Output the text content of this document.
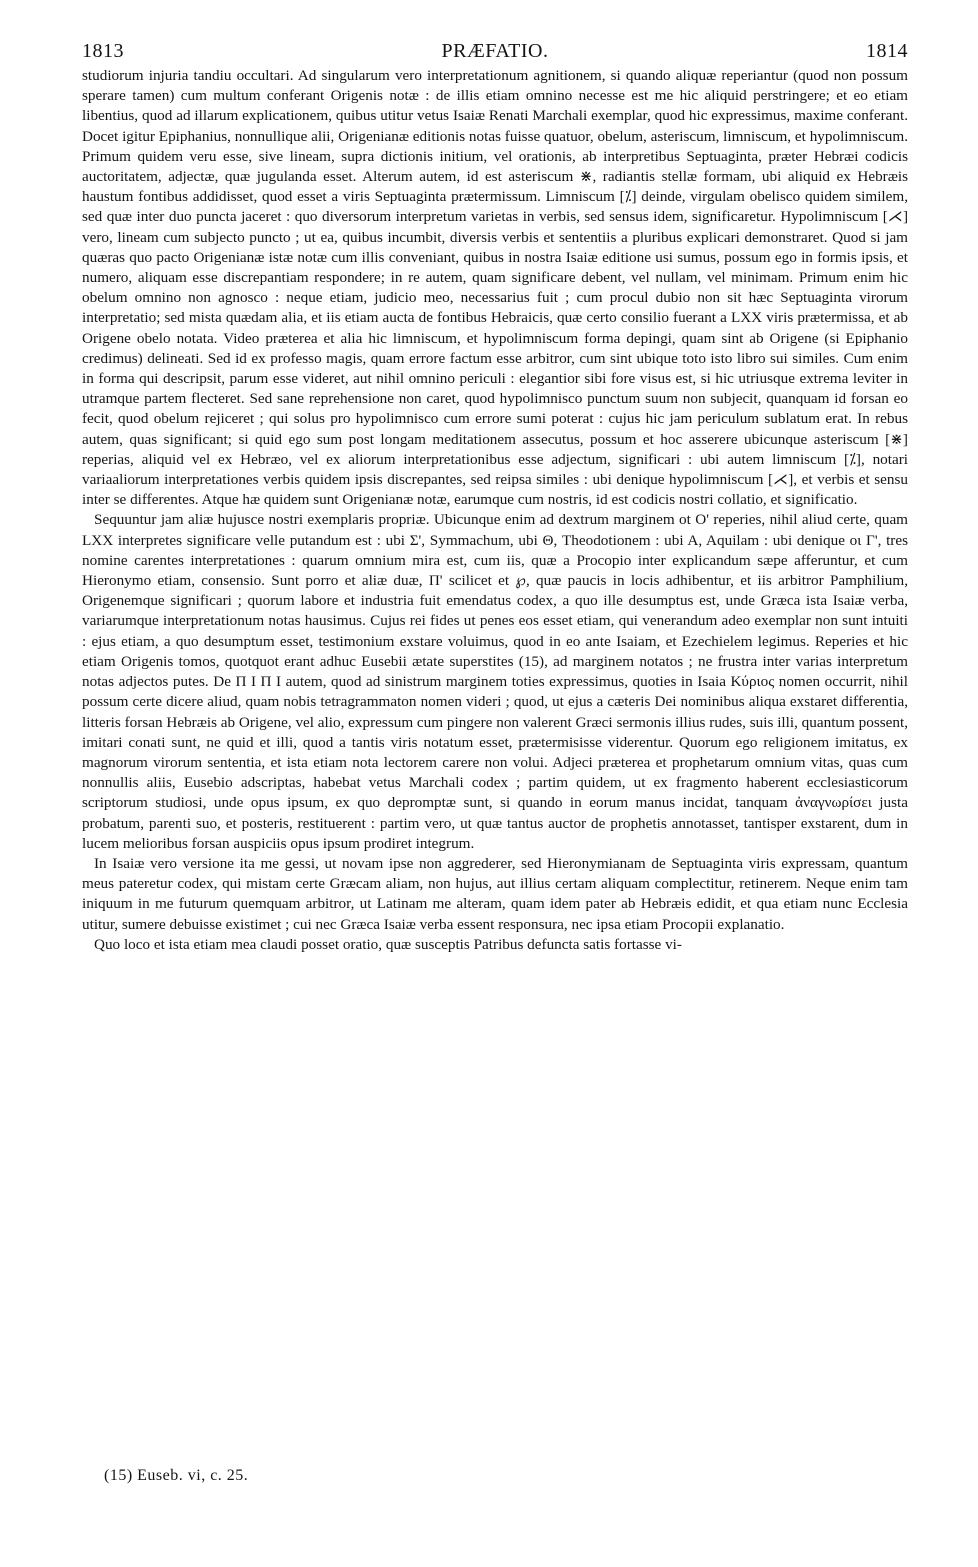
1813	PRÆFATIO.	1814

studiorum injuria tandiu occultari. Ad singularum vero interpretationum agnitionem, si quando aliquæ reperiantur (quod non possum sperare tamen) cum multum conferant Origenis notæ : de illis etiam omnino necesse est me hic aliquid perstringere; et eo etiam libentius, quod ad illarum explicationem, quibus utitur vetus Isaiæ Renati Marchali exemplar, quod hic expressimus, maxime conferant. Docet igitur Epiphanius, nonnullique alii, Origenianæ editionis notas fuisse quatuor, obelum, asteriscum, limniscum, et hypolimniscum. Primum quidem veru esse, sive lineam, supra dictionis initium, vel orationis, ab interpretibus Septuaginta, præter Hebræi codicis auctoritatem, adjectæ, quæ jugulanda esset. Alterum autem, id est asteriscum ⋇, radiantis stellæ formam, ubi aliquid ex Hebræis haustum fontibus addidisset, quod esset a viris Septuaginta prætermissum. Limniscum [⁒] deinde, virgulam obelisco quidem similem, sed quæ inter duo puncta jaceret : quo diversorum interpretum varietas in verbis, sed sensus idem, significaretur. Hypolimniscum [⋌] vero, lineam cum subjecto puncto ; ut ea, quibus incumbit, diversis verbis et sententiis a pluribus explicari demonstraret. Quod si jam quæras quo pacto Origenianæ istæ notæ cum illis conveniant, quibus in nostra Isaiæ editione usi sumus, possum ego in formis ipsis, et numero, aliquam esse discrepantiam respondere; in re autem, quam significare debent, vel nullam, vel minimam. Primum enim hic obelum omnino non agnosco : neque etiam, judicio meo, necessarius fuit ; cum procul dubio non sit hæc Septuaginta virorum interpretatio; sed mista quædam alia, et iis etiam aucta de fontibus Hebraicis, quæ certo consilio fuerant a LXX viris prætermissa, et ab Origene obelo notata. Video præterea et alia hic limniscum, et hypolimniscum forma depingi, quam sint ab Origene (si Epiphanio credimus) delineati. Sed id ex professo magis, quam errore factum esse arbitror, cum sint ubique toto isto libro sui similes. Cum enim in forma qui descripsit, parum esse videret, aut nihil omnino periculi : elegantior sibi fore visus est, si hic utriusque extrema leviter in utramque partem flecteret. Sed sane reprehensione non caret, quod hypolimnisco punctum suum non subjecit, quanquam id forsan eo fecit, quod obelum rejiceret ; qui solus pro hypolimnisco cum errore sumi poterat : cujus hic jam periculum sublatum erat. In rebus autem, quas significant; si quid ego sum post longam meditationem assecutus, possum et hoc asserere ubicunque asteriscum [⋇] reperias, aliquid vel ex Hebræo, vel ex aliorum interpretationibus esse adjectum, significari : ubi autem limniscum [⁒], notari variaaliorum interpretationes verbis quidem ipsis discrepantes, sed reipsa similes : ubi denique hypolimniscum [⋌], et verbis et sensu inter se differentes. Atque hæ quidem sunt Origenianæ notæ, earumque cum nostris, id est codicis nostri collatio, et significatio.

Sequuntur jam aliæ hujusce nostri exemplaris propriæ. Ubicunque enim ad dextrum marginem ot O' reperies, nihil aliud certe, quam LXX interpretes significare velle putandum est : ubi Σ', Symmachum, ubi Θ, Theodotionem : ubi A, Aquilam : ubi denique oι Γ', tres nomine carentes interpretationes : quarum omnium mira est, cum iis, quæ a Procopio inter explicandum sæpe afferuntur, et cum Hieronymo etiam, consensio. Sunt porro et aliæ duæ, Π' scilicet et ℘, quæ paucis in locis adhibentur, et iis arbitror Pamphilium, Origenemque significari ; quorum labore et industria fuit emendatus codex, a quo ille desumptus est, unde Græca ista Isaiæ verba, variarumque interpretationum notas hausimus. Cujus rei fides ut penes eos esset etiam, qui venerandum adeo exemplar non sunt intuiti : ejus etiam, a quo desumptum esset, testimonium exstare voluimus, quod in eo ante Isaiam, et Ezechielem legimus. Reperies et hic etiam Origenis tomos, quotquot erant adhuc Eusebii ætate superstites (15), ad marginem notatos ; ne frustra inter varias interpretum notas adjectos putes. De Π Ι Π Ι autem, quod ad sinistrum marginem toties expressimus, quoties in Isaia Κύριος nomen occurrit, nihil possum certe dicere aliud, quam nobis tetragrammaton nomen videri ; quod, ut ejus a cæteris Dei nominibus aliqua exstaret differentia, litteris forsan Hebræis ab Origene, vel alio, expressum cum pingere non valerent Græci sermonis illius rudes, suis illi, quantum possent, imitari conati sunt, ne quid et illi, quod a tantis viris notatum esset, prætermisisse viderentur. Quorum ego religionem imitatus, ex magnorum virorum sententia, et ista etiam nota lectorem carere non volui. Adjeci præterea et prophetarum omnium vitas, quas cum nonnullis aliis, Eusebio adscriptas, habebat vetus Marchali codex ; partim quidem, ut ex fragmento haberent ecclesiasticorum scriptorum studiosi, unde opus ipsum, ex quo depromptæ sunt, si quando in eorum manus incidat, tanquam ἀναγνωρίσει justa probatum, parenti suo, et posteris, restituerent : partim vero, ut quæ tantus auctor de prophetis annotasset, tantisper exstarent, dum in lucem melioribus forsan auspiciis opus ipsum prodiret integrum.

In Isaiæ vero versione ita me gessi, ut novam ipse non aggrederer, sed Hieronymianam de Septuaginta viris expressam, quantum meus pateretur codex, qui mistam certe Græcam aliam, non hujus, aut illius certam aliquam complectitur, retinerem. Neque enim tam iniquum in me futurum quemquam arbitror, ut Latinam me alteram, quam idem pater ab Hebræis edidit, et qua etiam nunc Ecclesia utitur, sumere debuisse existimet ; cui nec Græca Isaiæ verba essent responsura, nec ipsa etiam Procopii explanatio.

Quo loco et ista etiam mea claudi posset oratio, quæ susceptis Patribus defuncta satis fortasse vi-

(15) Euseb. vi, c. 25.
